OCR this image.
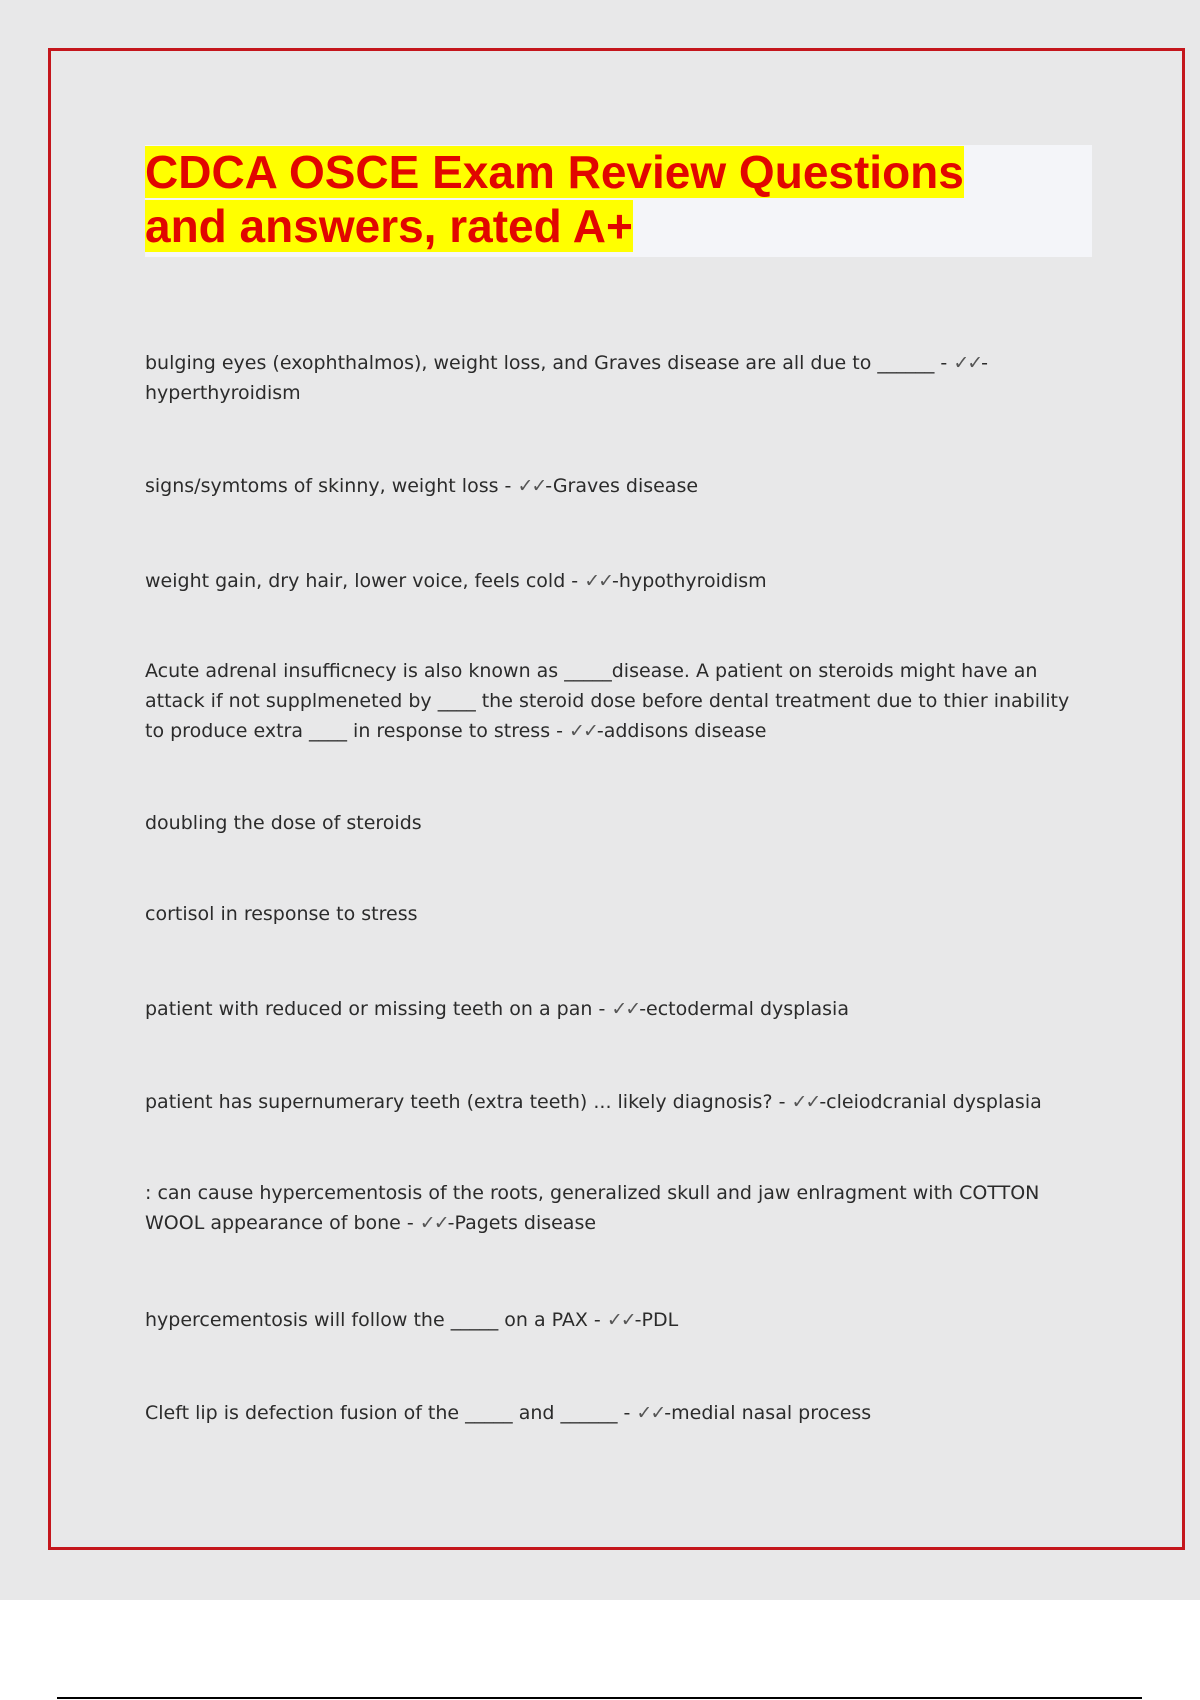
CDCA OSCE Exam Review Questions
and answers, rated A+

bulging eyes (exophthalmos), weight loss, and Graves disease are all due to ______ - ✓✓-hyperthyroidism

signs/symtoms of skinny, weight loss - ✓✓-Graves disease

weight gain, dry hair, lower voice, feels cold - ✓✓-hypothyroidism

Acute adrenal insufficnecy is also known as _____disease. A patient on steroids might have an attack if not supplmeneted by ____ the steroid dose before dental treatment due to thier inability to produce extra ____ in response to stress - ✓✓-addisons disease

doubling the dose of steroids

cortisol in response to stress

patient with reduced or missing teeth on a pan - ✓✓-ectodermal dysplasia

patient has supernumerary teeth (extra teeth) ... likely diagnosis? - ✓✓-cleiodcranial dysplasia

: can cause hypercementosis of the roots, generalized skull and jaw enlragment with COTTON WOOL appearance of bone - ✓✓-Pagets disease

hypercementosis will follow the _____ on a PAX - ✓✓-PDL

Cleft lip is defection fusion of the _____ and ______ - ✓✓-medial nasal process
